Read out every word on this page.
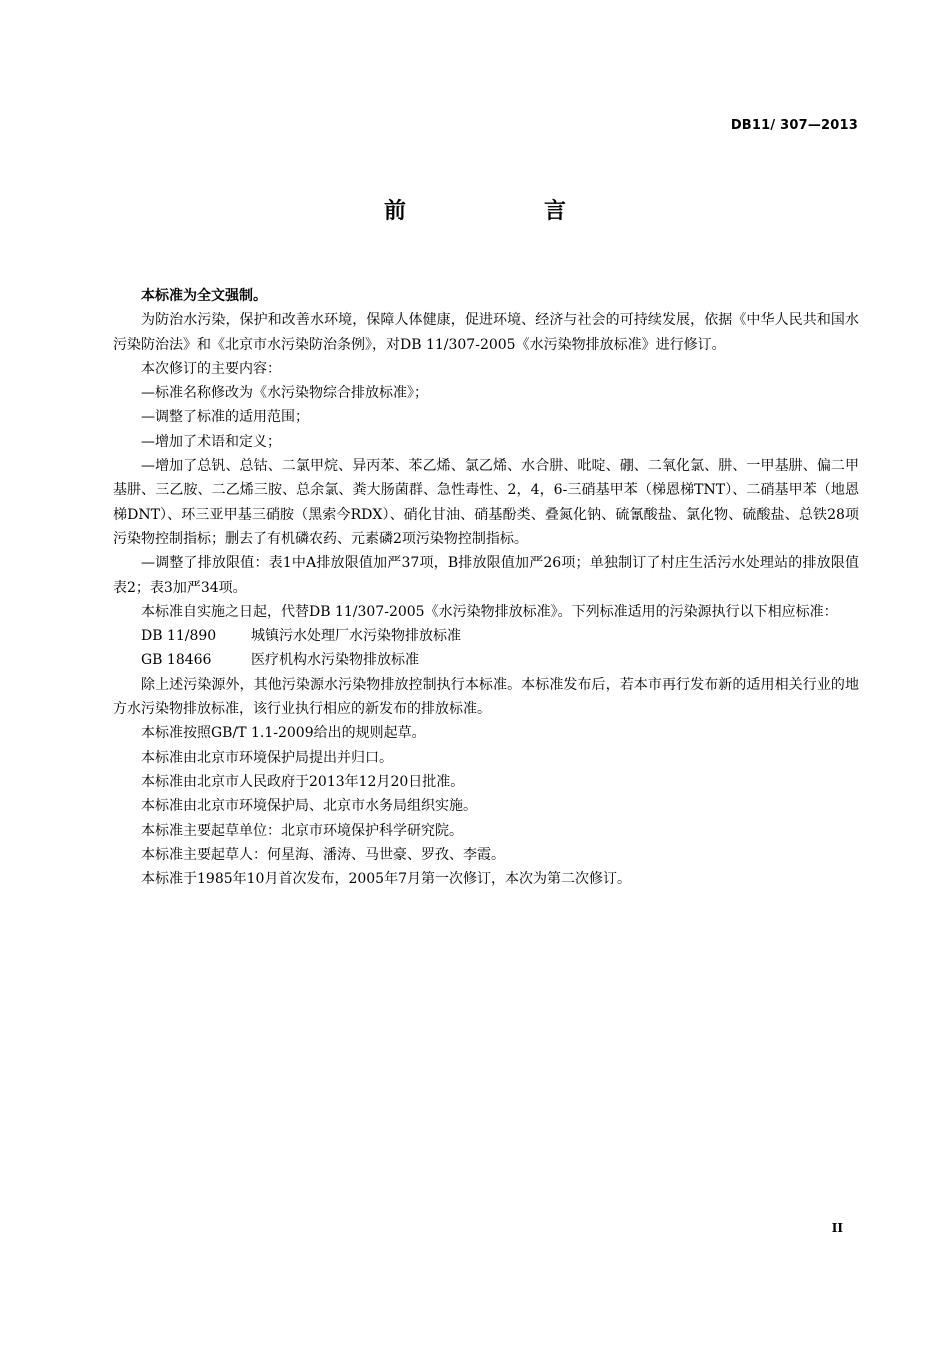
DB11/ 307—2013
前　言

本标准为全文强制。

为防治水污染，保护和改善水环境，保障人体健康，促进环境、经济与社会的可持续发展，依据《中华人民共和国水污染防治法》和《北京市水污染防治条例》，对DB 11/307-2005《水污染物排放标准》进行修订。

本次修订的主要内容：

—标准名称修改为《水污染物综合排放标准》；

—调整了标准的适用范围；

—增加了术语和定义；

—增加了总钒、总钴、二氯甲烷、异丙苯、苯乙烯、氯乙烯、水合肼、吡啶、硼、二氧化氯、肼、一甲基肼、偏二甲基肼、三乙胺、二乙烯三胺、总余氯、粪大肠菌群、急性毒性、2，4，6-三硝基甲苯（梯恩梯TNT）、二硝基甲苯（地恩梯DNT）、环三亚甲基三硝胺（黑索今RDX）、硝化甘油、硝基酚类、叠氮化钠、硫氰酸盐、氯化物、硫酸盐、总铁28项污染物控制指标；删去了有机磷农药、元素磷2项污染物控制指标。

—调整了排放限值：表1中A排放限值加严37项，B排放限值加严26项；单独制订了村庄生活污水处理站的排放限值表2；表3加严34项。

本标准自实施之日起，代替DB 11/307-2005《水污染物排放标准》。下列标准适用的污染源执行以下相应标准：

DB 11/890	城镇污水处理厂水污染物排放标准
GB 18466	医疗机构水污染物排放标准

除上述污染源外，其他污染源水污染物排放控制执行本标准。本标准发布后，若本市再行发布新的适用相关行业的地方水污染物排放标准，该行业执行相应的新发布的排放标准。

本标准按照GB/T 1.1-2009给出的规则起草。

本标准由北京市环境保护局提出并归口。

本标准由北京市人民政府于2013年12月20日批准。

本标准由北京市环境保护局、北京市水务局组织实施。

本标准主要起草单位：北京市环境保护科学研究院。

本标准主要起草人：何星海、潘涛、马世豪、罗孜、李霞。

本标准于1985年10月首次发布，2005年7月第一次修订，本次为第二次修订。

II
